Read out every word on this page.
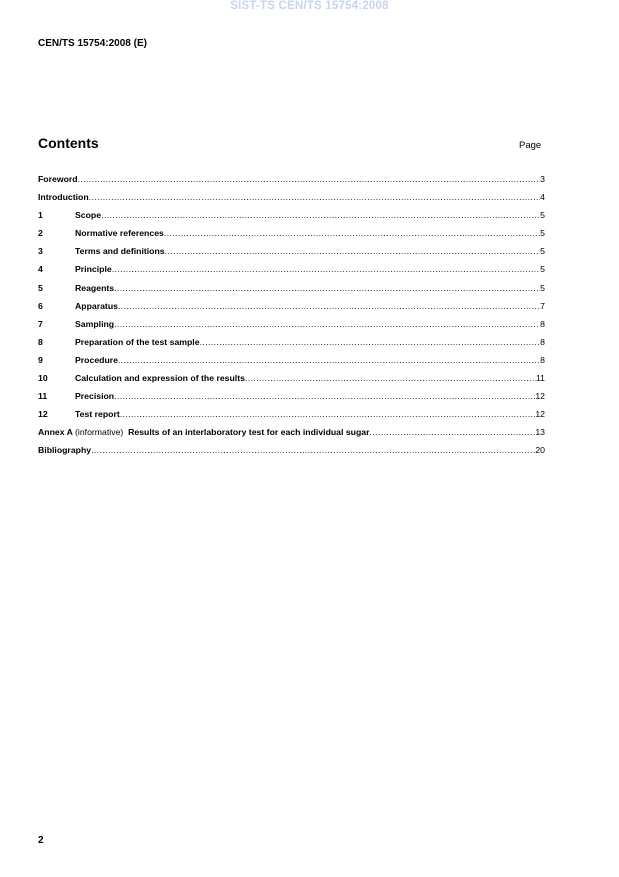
SIST-TS CEN/TS 15754:2008
CEN/TS 15754:2008 (E)
Contents	Page
Foreword .....	3
Introduction .....	4
1	Scope .....	5
2	Normative references .....	5
3	Terms and definitions .....	5
4	Principle .....	5
5	Reagents .....	5
6	Apparatus .....	7
7	Sampling .....	8
8	Preparation of the test sample .....	8
9	Procedure .....	8
10	Calculation and expression of the results .....	11
11	Precision .....	12
12	Test report .....	12
Annex A (informative) Results of an interlaboratory test for each individual sugar .....	13
Bibliography .....	20
2
